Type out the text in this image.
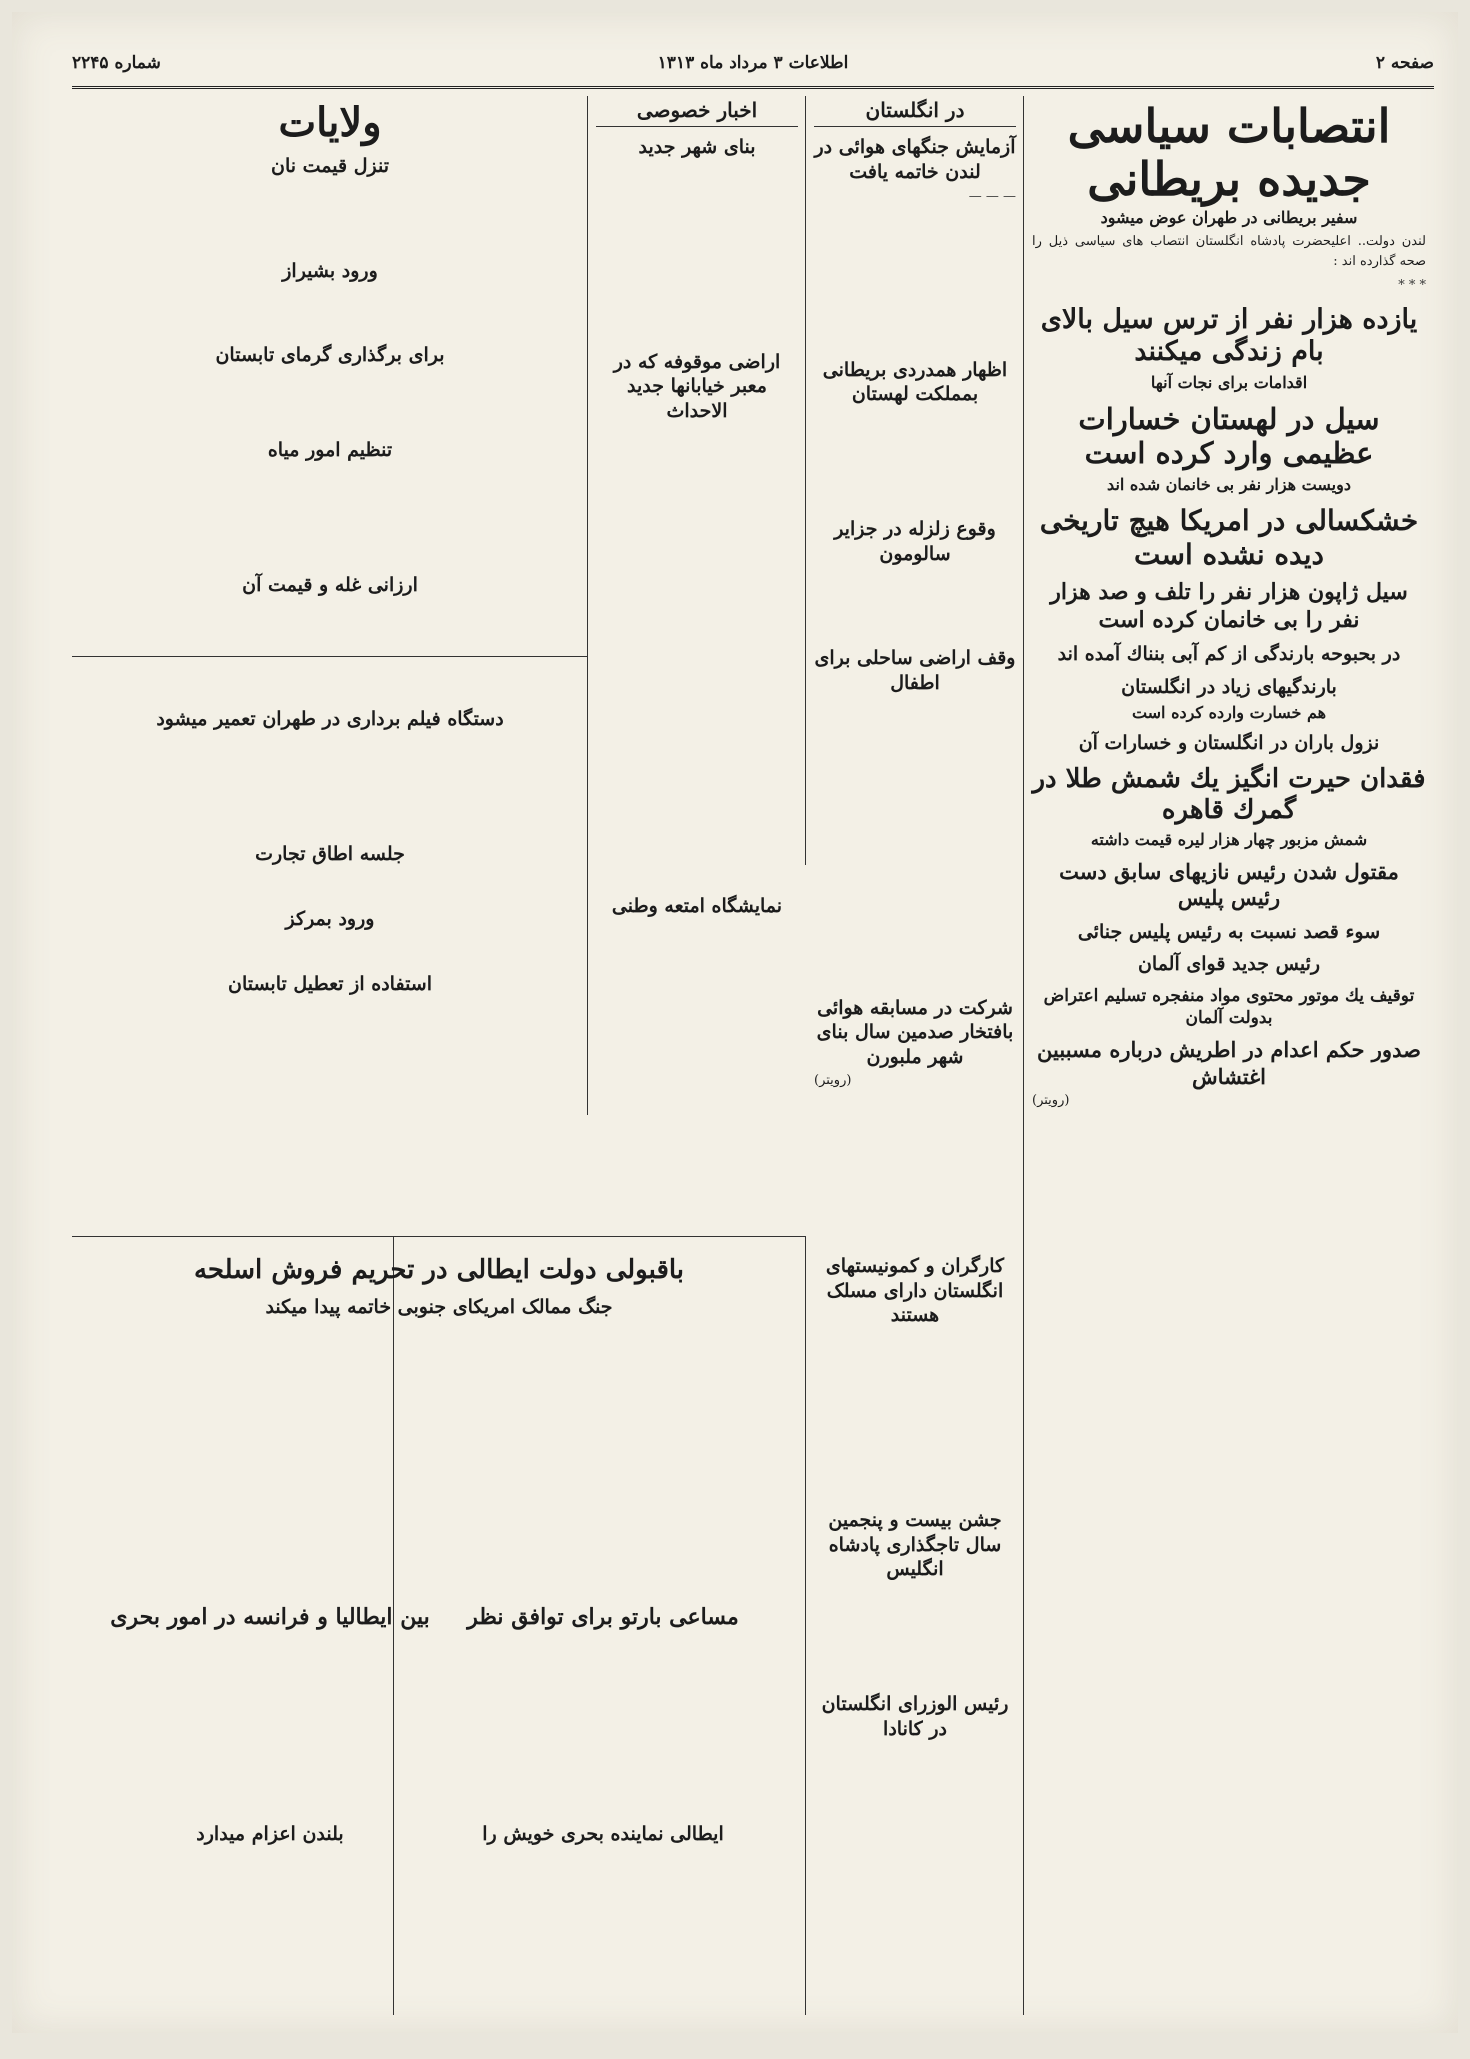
صفحه ۲
اطلاعات ۳ مرداد ماه ۱۳۱۳
شماره ۲۲۴۵
انتصابات سیاسی جدیده بریطانی
سفیر بریطانی در طهران عوض میشود

لندن دولت.. اعلیحضرت پادشاه انگلستان انتصاب های سیاسی ذیل را صحه گذارده اند :

* * *

یازده هزار نفر از ترس سیل بالای بام زندگی میکنند
اقدامات برای نجات آنها
سیل در لهستان خسارات عظیمی وارد کرده است
دویست هزار نفر بی خانمان شده اند
خشکسالی در امریکا هیچ تاریخی دیده نشده است
سیل ژاپون هزار نفر را تلف و صد هزار نفر را بی خانمان کرده است
در بحبوحه بارندگی از کم آبی بنناك آمده اند
بارندگیهای زیاد در انگلستان
هم خسارت وارده کرده است
نزول باران در انگلستان و خسارات آن
فقدان حیرت انگیز یك شمش طلا در گمرك قاهره
شمش مزبور چهار هزار لیره قیمت داشته
مقتول شدن رئیس نازیهای سابق دست رئیس پلیس
سوء قصد نسبت به رئیس پلیس جنائی
رئیس جدید قوای آلمان
توقیف یك موتور محتوی مواد منفجره تسلیم اعتراض بدولت آلمان
صدور حکم اعدام در اطریش درباره مسببین اغتشاش

(رویتر)

در انگلستان
آزمایش جنگهای هوائی در لندن خاتمه یافت

— — —

اظهار همدردی بریطانی بمملکت لهستان
وقوع زلزله در جزایر سالومون
وقف اراضی ساحلی برای اطفال
شرکت در مسابقه هوائی بافتخار صدمین سال بنای شهر ملبورن

(رویتر)

کارگران و کمونیستهای انگلستان دارای مسلک هستند
جشن بیست و پنجمین سال تاجگذاری پادشاه انگلیس
رئیس الوزرای انگلستان در کانادا
اخبار خصوصی
بنای شهر جدید
اراضی موقوفه که در معبر خیابانها جدید الاحداث
نمایشگاه امتعه وطنی
ولایات
تنزل قیمت نان
ورود بشیراز
برای برگذاری گرمای تابستان
تنظیم امور میاه
ارزانی غله و قیمت آن
دستگاه فیلم برداری در طهران تعمیر میشود
جلسه اطاق تجارت
ورود بمرکز
استفاده از تعطیل تابستان
باقبولی دولت ایطالی در تحریم فروش اسلحه
جنگ ممالک امریکای جنوبی خاتمه پیدا میکند
بین ایطالیا و فرانسه در امور بحری
بلندن اعزام میدارد
مساعی بارتو برای توافق نظر
ایطالی نماینده بحری خویش را
